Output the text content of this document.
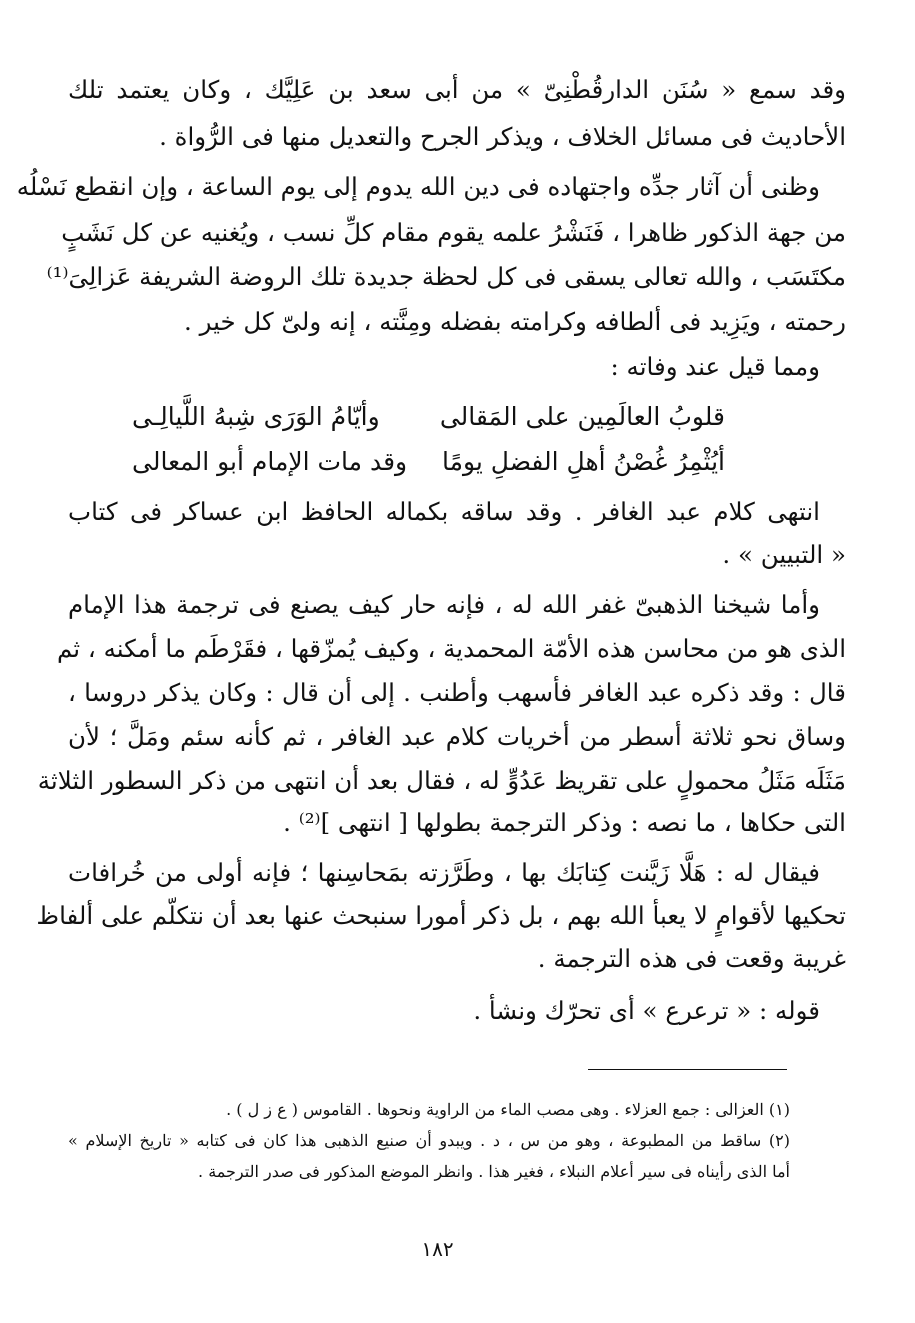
وقد سمع « سُنَن الدارقُطْنِىّ » من أبى سعد بن عَلِيَّك ، وكان يعتمد تلك
الأحاديث فى مسائل الخلاف ، ويذكر الجرح والتعديل منها فى الرُّواة .
وظنى أن آثار جدِّه واجتهاده فى دين الله يدوم إلى يوم الساعة ، وإن انقطع نَسْلُه
من جهة الذكور ظاهرا ، فَنَشْرُ علمه يقوم مقام كلِّ نسب ، ويُغنيه عن كل نَشَبٍ
مكتَسَب ، والله تعالى يسقى فى كل لحظة جديدة تلك الروضة الشريفة عَزالِىَ⁽¹⁾
رحمته ، ويَزِيد فى ألطافه وكرامته بفضله ومِنَّته ، إنه ولىّ كل خير .
ومما قيل عند وفاته :
قلوبُ العالَمِين على المَقالى
وأيّامُ الوَرَى شِبهُ اللَّيالِـى
أيُثْمِرُ غُصْنُ أهلِ الفضلِ يومًا
وقد مات الإمام أبو المعالى
انتهى كلام عبد الغافر . وقد ساقه بكماله الحافظ ابن عساكر فى كتاب
« التبيين » .
وأما شيخنا الذهبىّ غفر الله له ، فإنه حار كيف يصنع فى ترجمة هذا الإمام
الذى هو من محاسن هذه الأمّة المحمدية ، وكيف يُمزّقها ، فقَرْطَم ما أمكنه ، ثم
قال : وقد ذكره عبد الغافر فأسهب وأطنب . إلى أن قال : وكان يذكر دروسا ،
وساق نحو ثلاثة أسطر من أخريات كلام عبد الغافر ، ثم كأنه سئم ومَلَّ ؛ لأن
مَثَلَه مَثَلُ محمولٍ على تقريظ عَدُوٍّ له ، فقال بعد أن انتهى من ذكر السطور الثلاثة
التى حكاها ، ما نصه : وذكر الترجمة بطولها [ انتهى ]⁽²⁾ .
فيقال له : هَلَّا زَيَّنت كِتابَك بها ، وطَرَّزته بمَحاسِنها ؛ فإنه أولى من خُرافات
تحكيها لأقوامٍ لا يعبأ الله بهم ، بل ذكر أمورا سنبحث عنها بعد أن نتكلّم على ألفاظ
غريبة وقعت فى هذه الترجمة .
قوله : « ترعرع » أى تحرّك ونشأ .
(١) العزالى : جمع العزلاء . وهى مصب الماء من الراوية ونحوها . القاموس ( ع ز ل ) .
(٢) ساقط من المطبوعة ، وهو من س ، د . ويبدو أن صنيع الذهبى هذا كان فى كتابه « تاريخ الإسلام »
أما الذى رأيناه فى سير أعلام النبلاء ، فغير هذا . وانظر الموضع المذكور فى صدر الترجمة .
١٨٢
